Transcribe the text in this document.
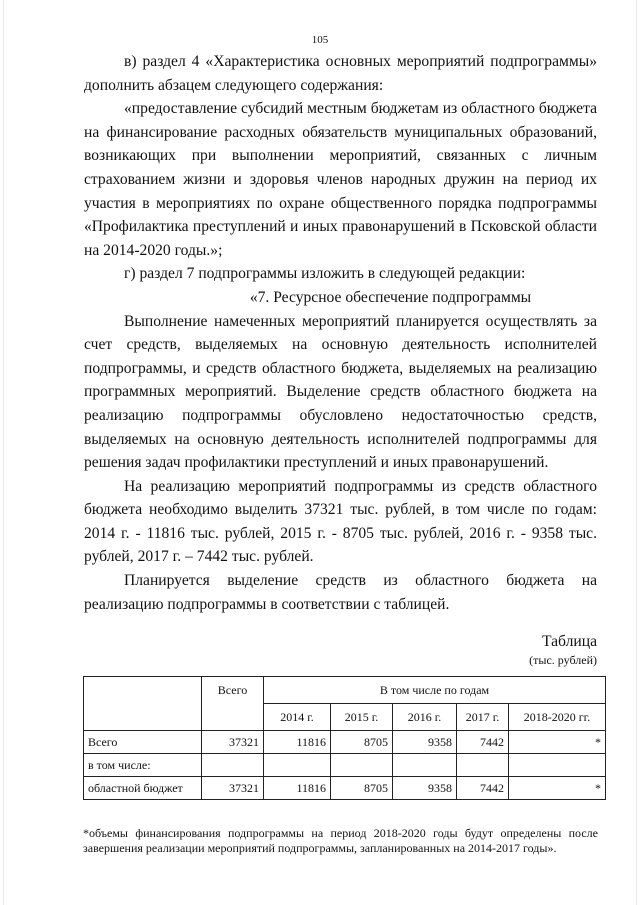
105

в) раздел 4 «Характеристика основных мероприятий подпрограммы» дополнить абзацем следующего содержания:

«предоставление субсидий местным бюджетам из областного бюджета на финансирование расходных обязательств муниципальных образований, возникающих при выполнении мероприятий, связанных с личным страхованием жизни и здоровья членов народных дружин на период их участия в мероприятиях по охране общественного порядка подпрограммы «Профилактика преступлений и иных правонарушений в Псковской области на 2014-2020 годы.»;

г) раздел 7 подпрограммы изложить в следующей редакции:

«7. Ресурсное обеспечение подпрограммы

Выполнение намеченных мероприятий планируется осуществлять за счет средств, выделяемых на основную деятельность исполнителей подпрограммы, и средств областного бюджета, выделяемых на реализацию программных мероприятий. Выделение средств областного бюджета на реализацию подпрограммы обусловлено недостаточностью средств, выделяемых на основную деятельность исполнителей подпрограммы для решения задач профилактики преступлений и иных правонарушений.

На реализацию мероприятий подпрограммы из средств областного бюджета необходимо выделить 37321 тыс. рублей, в том числе по годам: 2014 г. - 11816 тыс. рублей, 2015 г. - 8705 тыс. рублей, 2016 г. - 9358 тыс. рублей, 2017 г. – 7442 тыс. рублей.

Планируется выделение средств из областного бюджета на реализацию подпрограммы в соответствии с таблицей.

Таблица
(тыс. рублей)
	Всего	В том числе по годам				
		2014 г.	2015 г.	2016 г.	2017 г.	2018-2020 гг.
Всего	37321	11816	8705	9358	7442	*
в том числе:						
областной бюджет	37321	11816	8705	9358	7442	*
*объемы финансирования подпрограммы на период 2018-2020 годы будут определены после завершения реализации мероприятий подпрограммы, запланированных на 2014-2017 годы».
